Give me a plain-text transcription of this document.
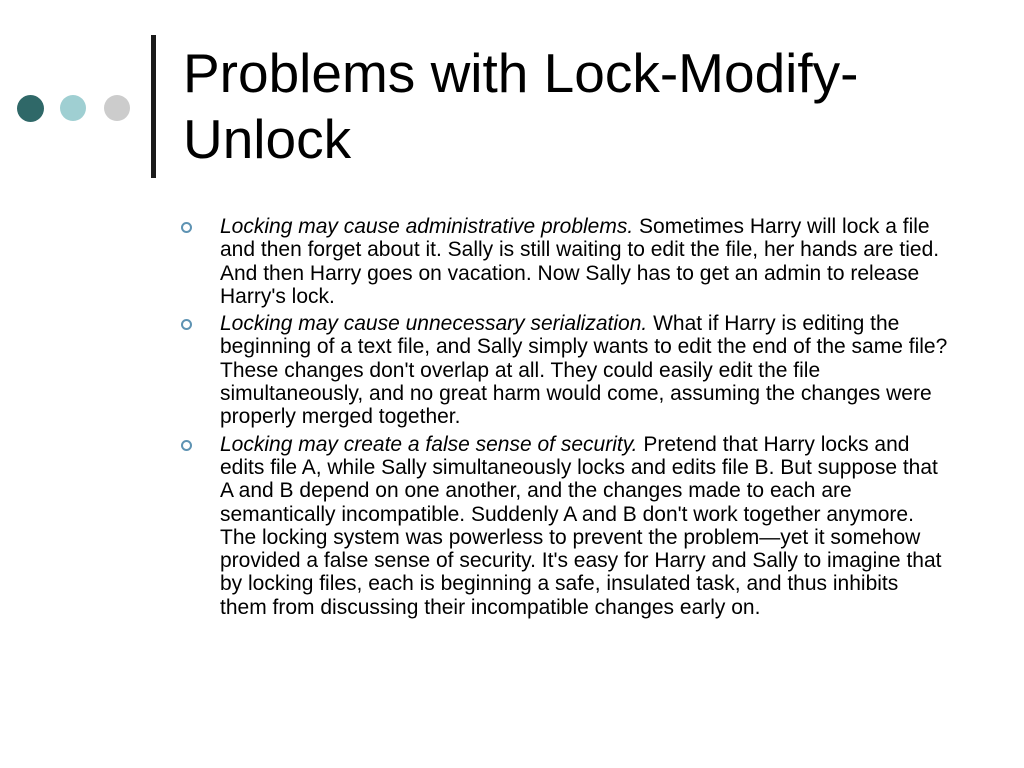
Problems with Lock-Modify-Unlock
Locking may cause administrative problems. Sometimes Harry will lock a file and then forget about it. Sally is still waiting to edit the file, her hands are tied. And then Harry goes on vacation. Now Sally has to get an admin to release Harry's lock.
Locking may cause unnecessary serialization. What if Harry is editing the beginning of a text file, and Sally simply wants to edit the end of the same file? These changes don't overlap at all. They could easily edit the file simultaneously, and no great harm would come, assuming the changes were properly merged together.
Locking may create a false sense of security. Pretend that Harry locks and edits file A, while Sally simultaneously locks and edits file B. But suppose that A and B depend on one another, and the changes made to each are semantically incompatible. Suddenly A and B don't work together anymore. The locking system was powerless to prevent the problem—yet it somehow provided a false sense of security. It's easy for Harry and Sally to imagine that by locking files, each is beginning a safe, insulated task, and thus inhibits them from discussing their incompatible changes early on.
